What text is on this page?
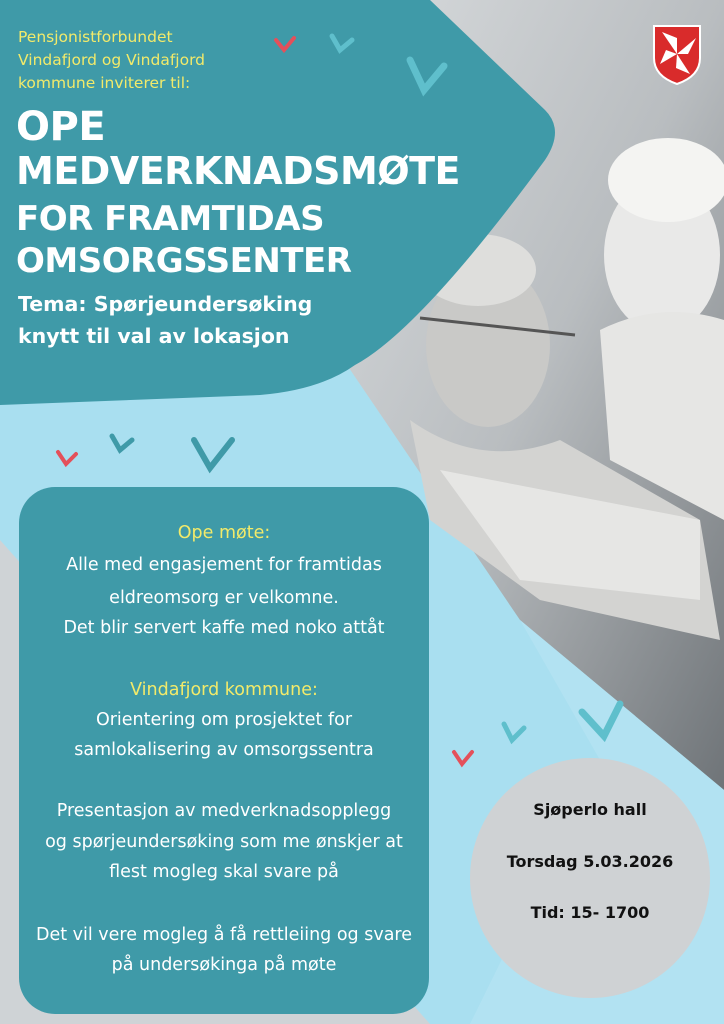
Pensjonistforbundet
Vindafjord og Vindafjord
kommune inviterer til:
OPE
MEDVERKNADSMØTE
FOR FRAMTIDAS
OMSORGSSENTER
Tema: Spørjeundersøking
knytt til val av lokasjon
Ope møte:
Alle med engasjement for framtidas
eldreomsorg er velkomne.
Det blir servert kaffe med noko attåt
Vindafjord kommune:
Orientering om prosjektet for
samlokalisering av omsorgssentra
Presentasjon av medverknadsopplegg
og spørjeundersøking som me ønskjer at
flest mogleg skal svare på
Det vil vere mogleg å få rettleiing og svare
på undersøkinga på møte
Sjøperlo hall
Torsdag 5.03.2026
Tid: 15- 1700
